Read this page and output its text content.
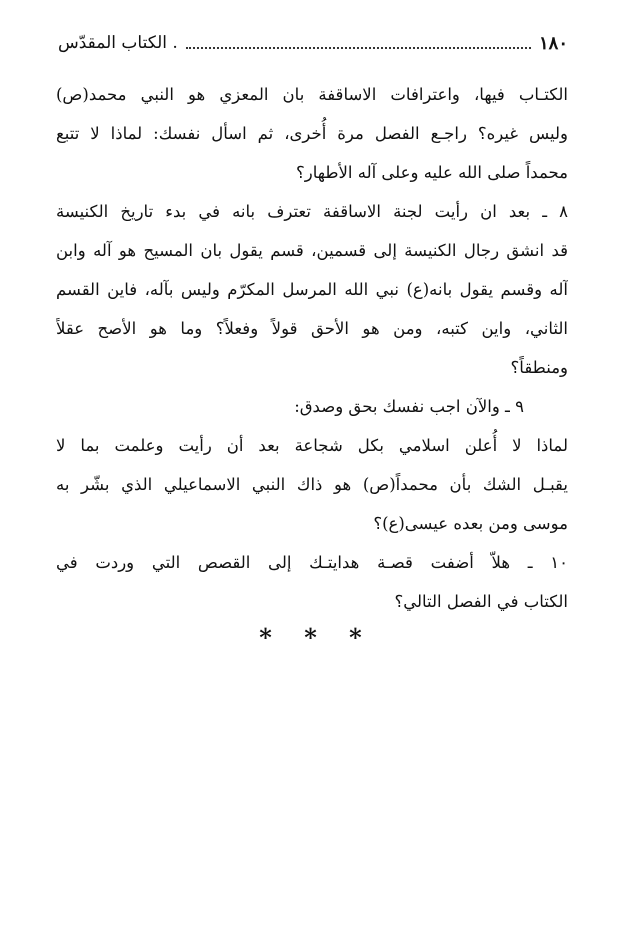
١٨٠
. الكتاب المقدّس
الكتـاب فيها، واعترافات الاساقفة بان المعزي هو النبي محمد(ص)
وليس غيره؟ راجـع الفصل مرة أُخرى، ثم اسأل نفسك: لماذا لا تتبع
محمداً صلى الله عليه وعلى آله الأطهار؟
٨ ـ بعد ان رأيت لجنة الاساقفة تعترف بانه في بدء تاريخ الكنيسة
قد انشق رجال الكنيسة إلى قسمين، قسم يقول بان المسيح هو آله وابن
آله وقسم يقول بانه(ع) نبي الله المرسل المكرّم وليس بآله، فاين القسم
الثاني، واين كتبه، ومن هو الأحق قولاً وفعلاً؟ وما هو الأصح عقلاً
ومنطقاً؟
٩ ـ والآن اجب نفسك بحق وصدق:
لماذا لا أُعلن اسلامي بكل شجاعة بعد أن رأيت وعلمت بما لا
يقبـل الشك بأن محمداً(ص) هو ذاك النبي الاسماعيلي الذي بشّر به
موسى ومن بعده عيسى(ع)؟
١٠ ـ هلاّ أضفت قصـة هدايتـك إلى القصص التي وردت في
الكتاب في الفصل التالي؟
* * *
